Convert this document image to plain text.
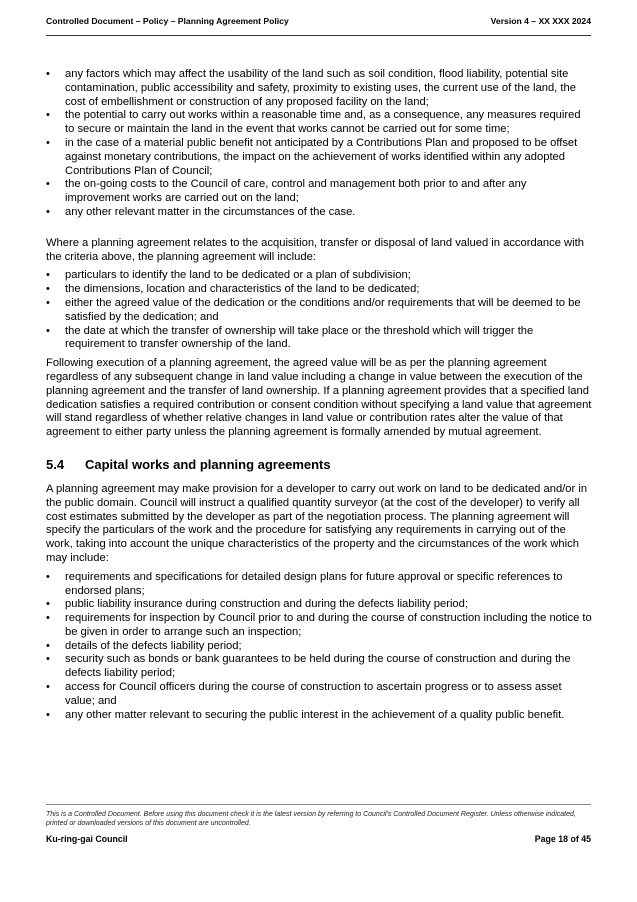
Controlled Document – Policy – Planning Agreement Policy	Version 4 – XX XXX 2024
• any factors which may affect the usability of the land such as soil condition, flood liability, potential site contamination, public accessibility and safety, proximity to existing uses, the current use of the land, the cost of embellishment or construction of any proposed facility on the land;
• the potential to carry out works within a reasonable time and, as a consequence, any measures required to secure or maintain the land in the event that works cannot be carried out for some time;
• in the case of a material public benefit not anticipated by a Contributions Plan and proposed to be offset against monetary contributions, the impact on the achievement of works identified within any adopted Contributions Plan of Council;
• the on-going costs to the Council of care, control and management both prior to and after any improvement works are carried out on the land;
• any other relevant matter in the circumstances of the case.

Where a planning agreement relates to the acquisition, transfer or disposal of land valued in accordance with the criteria above, the planning agreement will include:

• particulars to identify the land to be dedicated or a plan of subdivision;
• the dimensions, location and characteristics of the land to be dedicated;
• either the agreed value of the dedication or the conditions and/or requirements that will be deemed to be satisfied by the dedication; and
• the date at which the transfer of ownership will take place or the threshold which will trigger the requirement to transfer ownership of the land.

Following execution of a planning agreement, the agreed value will be as per the planning agreement regardless of any subsequent change in land value including a change in value between the execution of the planning agreement and the transfer of land ownership. If a planning agreement provides that a specified land dedication satisfies a required contribution or consent condition without specifying a land value that agreement will stand regardless of whether relative changes in land value or contribution rates alter the value of that agreement to either party unless the planning agreement is formally amended by mutual agreement.

5.4	Capital works and planning agreements

A planning agreement may make provision for a developer to carry out work on land to be dedicated and/or in the public domain. Council will instruct a qualified quantity surveyor (at the cost of the developer) to verify all cost estimates submitted by the developer as part of the negotiation process. The planning agreement will specify the particulars of the work and the procedure for satisfying any requirements in carrying out of the work, taking into account the unique characteristics of the property and the circumstances of the work which may include:

• requirements and specifications for detailed design plans for future approval or specific references to endorsed plans;
• public liability insurance during construction and during the defects liability period;
• requirements for inspection by Council prior to and during the course of construction including the notice to be given in order to arrange such an inspection;
• details of the defects liability period;
• security such as bonds or bank guarantees to be held during the course of construction and during the defects liability period;
• access for Council officers during the course of construction to ascertain progress or to assess asset value; and
• any other matter relevant to securing the public interest in the achievement of a quality public benefit.
This is a Controlled Document. Before using this document check it is the latest version by referring to Council's Controlled Document Register. Unless otherwise indicated, printed or downloaded versions of this document are uncontrolled.
Ku-ring-gai Council	Page 18 of 45
